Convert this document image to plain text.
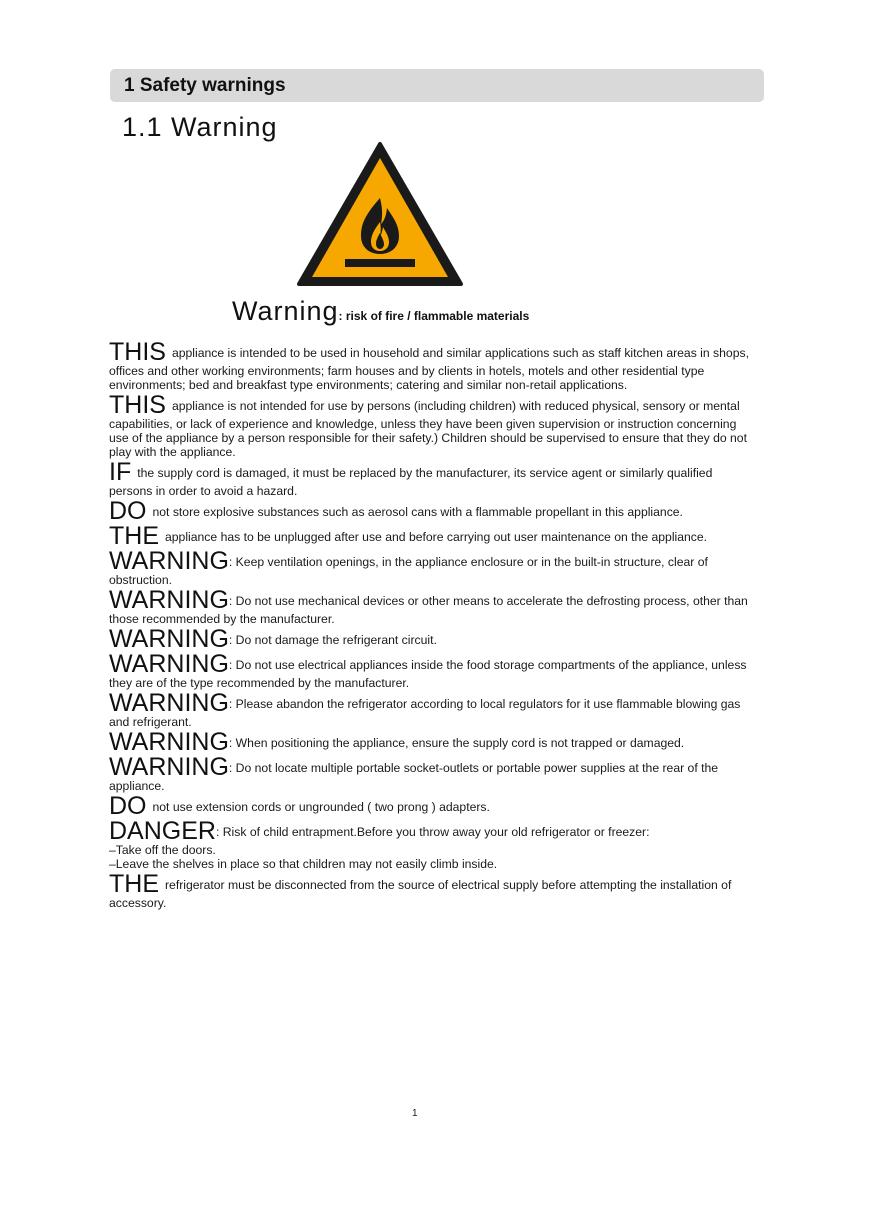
1 Safety warnings
1.1 Warning
Warning: risk of fire / flammable materials

THIS appliance is intended to be used in household and similar applications such as staff kitchen areas in shops, offices and other working environments; farm houses and by clients in hotels, motels and other residential type environments; bed and breakfast type environments; catering and similar non-retail applications.

THIS appliance is not intended for use by persons (including children) with reduced physical, sensory or mental capabilities, or lack of experience and knowledge, unless they have been given supervision or instruction concerning use of the appliance by a person responsible for their safety.) Children should be supervised to ensure that they do not play with the appliance.

IF the supply cord is damaged, it must be replaced by the manufacturer, its service agent or similarly qualified persons in order to avoid a hazard.

DO not store explosive substances such as aerosol cans with a flammable propellant in this appliance.

THE appliance has to be unplugged after use and before carrying out user maintenance on the appliance.

WARNING: Keep ventilation openings, in the appliance enclosure or in the built-in structure, clear of obstruction.

WARNING: Do not use mechanical devices or other means to accelerate the defrosting process, other than those recommended by the manufacturer.

WARNING: Do not damage the refrigerant circuit.

WARNING: Do not use electrical appliances inside the food storage compartments of the appliance, unless they are of the type recommended by the manufacturer.

WARNING: Please abandon the refrigerator according to local regulators for it use flammable blowing gas and refrigerant.

WARNING: When positioning the appliance, ensure the supply cord is not trapped or damaged.

WARNING: Do not locate multiple portable socket-outlets or portable power supplies at the rear of the appliance.

DO not use extension cords or ungrounded ( two prong ) adapters.

DANGER: Risk of child entrapment.Before you throw away your old refrigerator or freezer:
–Take off the doors.
–Leave the shelves in place so that children may not easily climb inside.

THE refrigerator must be disconnected from the source of electrical supply before attempting the installation of accessory.

1
